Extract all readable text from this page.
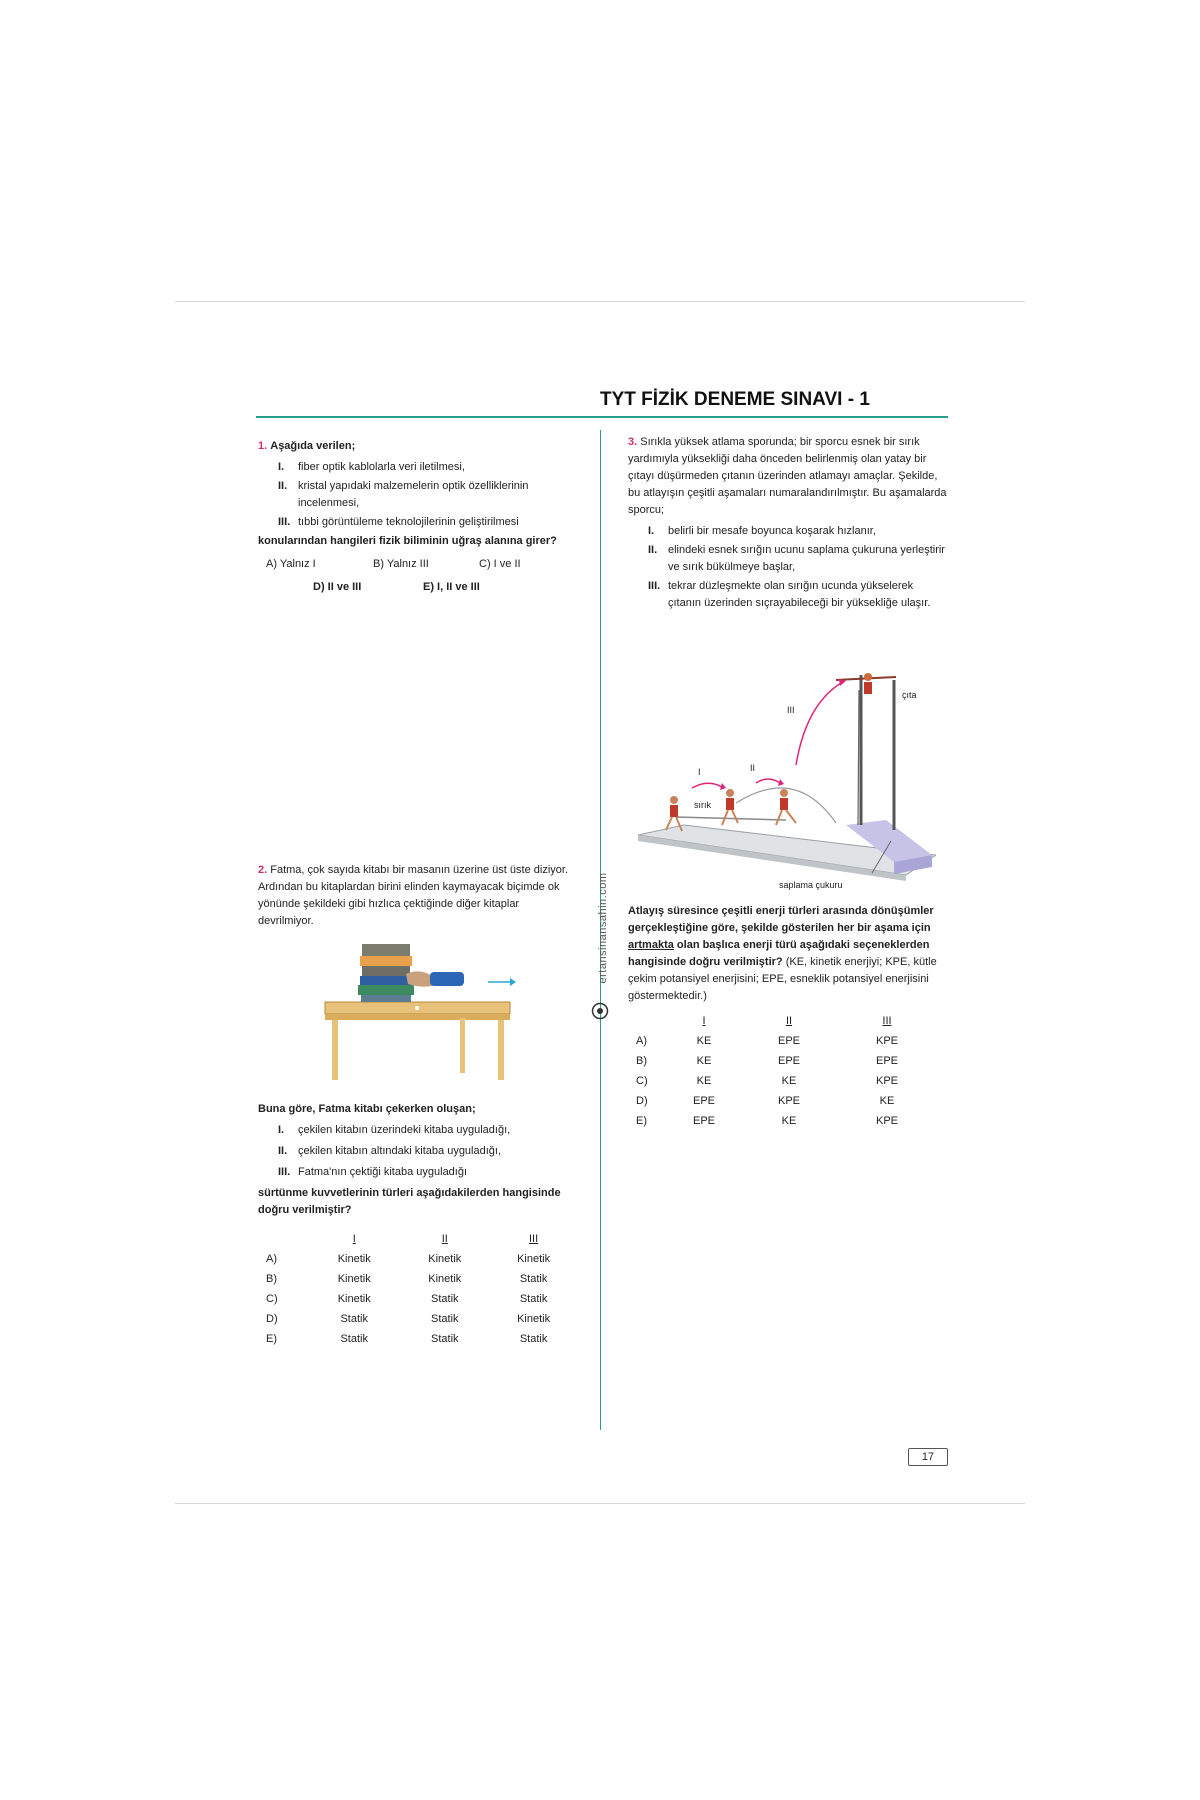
TYT FİZİK DENEME SINAVI - 1
ertansinansahin.com
1. Aşağıda verilen;
I. fiber optik kablolarla veri iletilmesi,
II. kristal yapıdaki malzemelerin optik özelliklerinin incelenmesi,
III. tıbbi görüntüleme teknolojilerinin geliştirilmesi
konularından hangileri fizik biliminin uğraş alanına girer?
A) Yalnız I	B) Yalnız III	C) I ve II
D) II ve III	E) I, II ve III
2. Fatma, çok sayıda kitabı bir masanın üzerine üst üste diziyor. Ardından bu kitaplardan birini elinden kaymayacak biçimde ok yönünde şekildeki gibi hızlıca çektiğinde diğer kitaplar devrilmiyor.
Buna göre, Fatma kitabı çekerken oluşan;
I. çekilen kitabın üzerindeki kitaba uyguladığı,
II. çekilen kitabın altındaki kitaba uyguladığı,
III. Fatma'nın çektiği kitaba uyguladığı
sürtünme kuvvetlerinin türleri aşağıdakilerden hangisinde doğru verilmiştir?
	I	II	III
A)	Kinetik	Kinetik	Kinetik
B)	Kinetik	Kinetik	Statik
C)	Kinetik	Statik	Statik
D)	Statik	Statik	Kinetik
E)	Statik	Statik	Statik
3. Sırıkla yüksek atlama sporunda; bir sporcu esnek bir sırık yardımıyla yüksekliği daha önceden belirlenmiş olan yatay bir çıtayı düşürmeden çıtanın üzerinden atlamayı amaçlar. Şekilde, bu atlayışın çeşitli aşamaları numaralandırılmıştır. Bu aşamalarda sporcu;
I. belirli bir mesafe boyunca koşarak hızlanır,
II. elindeki esnek sırığın ucunu saplama çukuruna yerleştirir ve sırık bükülmeye başlar,
III. tekrar düzleşmekte olan sırığın ucunda yükselerek çıtanın üzerinden sıçrayabileceği bir yüksekliğe ulaşır.
çıta
sırık
saplama çukuru
I	II
III
Atlayış süresince çeşitli enerji türleri arasında dönüşümler gerçekleştiğine göre, şekilde gösterilen her bir aşama için artmakta olan başlıca enerji türü aşağıdaki seçeneklerden hangisinde doğru verilmiştir? (KE, kinetik enerjiyi; KPE, kütle çekim potansiyel enerjisini; EPE, esneklik potansiyel enerjisini göstermektedir.)
	I	II	III
A)	KE	EPE	KPE
B)	KE	EPE	EPE
C)	KE	KE	KPE
D)	EPE	KPE	KE
E)	EPE	KE	KPE
17
